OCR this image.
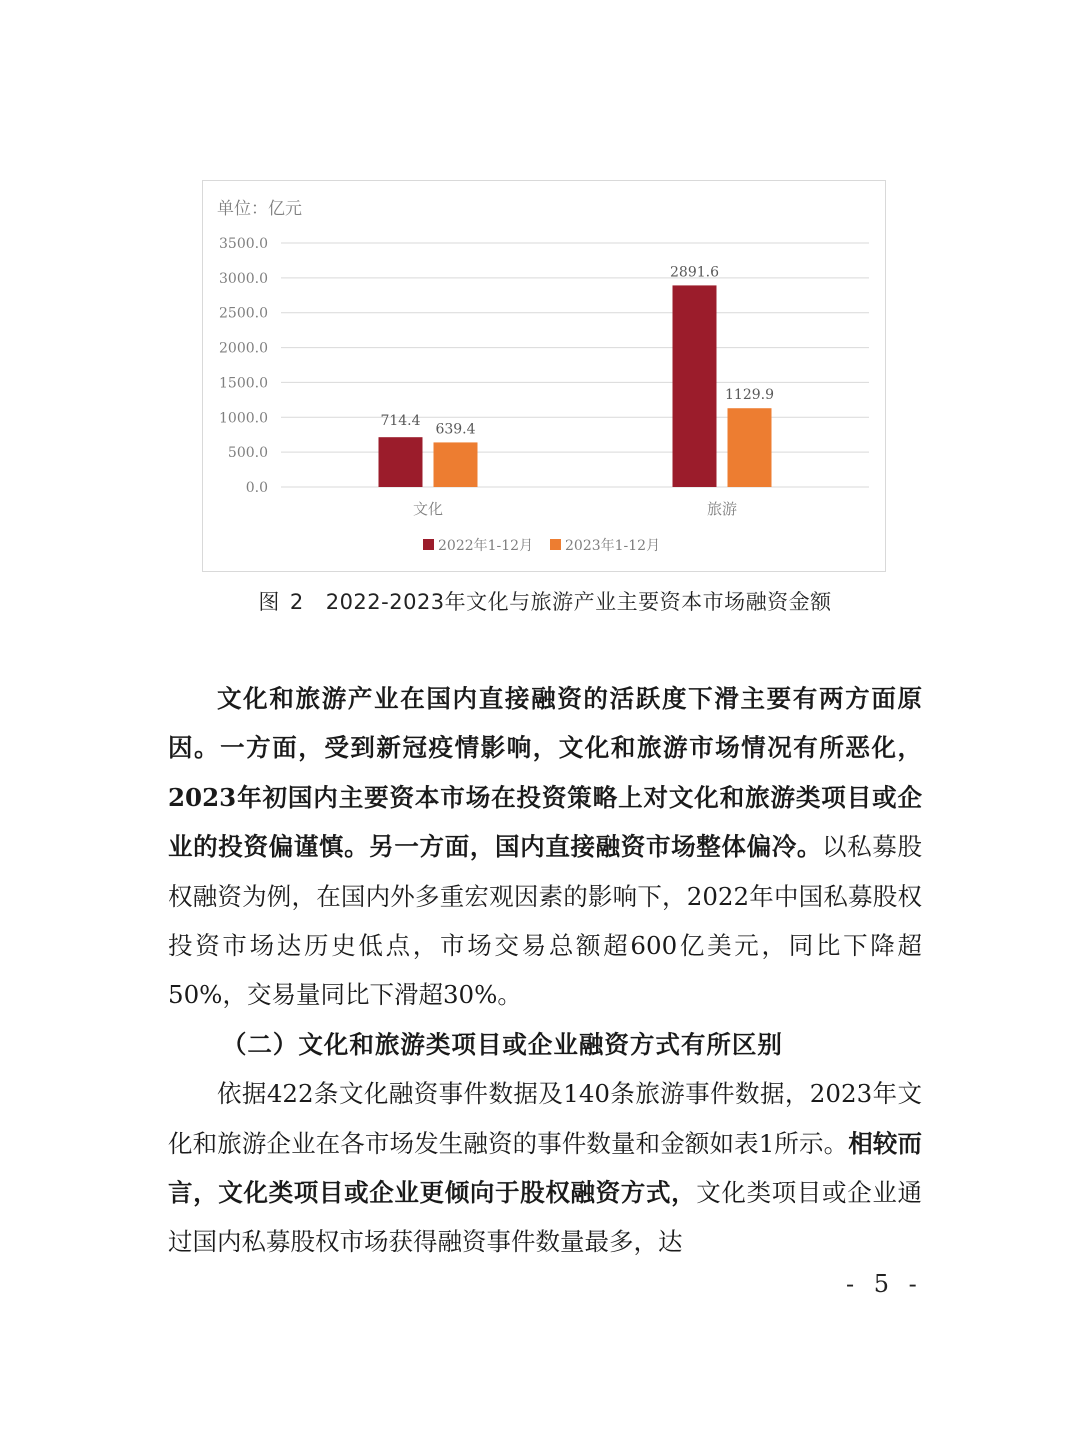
单位：亿元
0.0
500.0
1000.0
1500.0
2000.0
2500.0
3000.0
3500.0
714.4
639.4
文化
2891.6
1129.9
旅游
2022年1-12月 2023年1-12月
图 2 2022-2023年文化与旅游产业主要资本市场融资金额

文化和旅游产业在国内直接融资的活跃度下滑主要有两方面原因。一方面，受到新冠疫情影响，文化和旅游市场情况有所恶化，2023年初国内主要资本市场在投资策略上对文化和旅游类项目或企业的投资偏谨慎。另一方面，国内直接融资市场整体偏冷。以私募股权融资为例，在国内外多重宏观因素的影响下，2022年中国私募股权投资市场达历史低点，市场交易总额超600亿美元，同比下降超50%，交易量同比下滑超30%。

（二）文化和旅游类项目或企业融资方式有所区别

依据422条文化融资事件数据及140条旅游事件数据，2023年文化和旅游企业在各市场发生融资的事件数量和金额如表1所示。相较而言，文化类项目或企业更倾向于股权融资方式，文化类项目或企业通过国内私募股权市场获得融资事件数量最多，达

- 5 -
